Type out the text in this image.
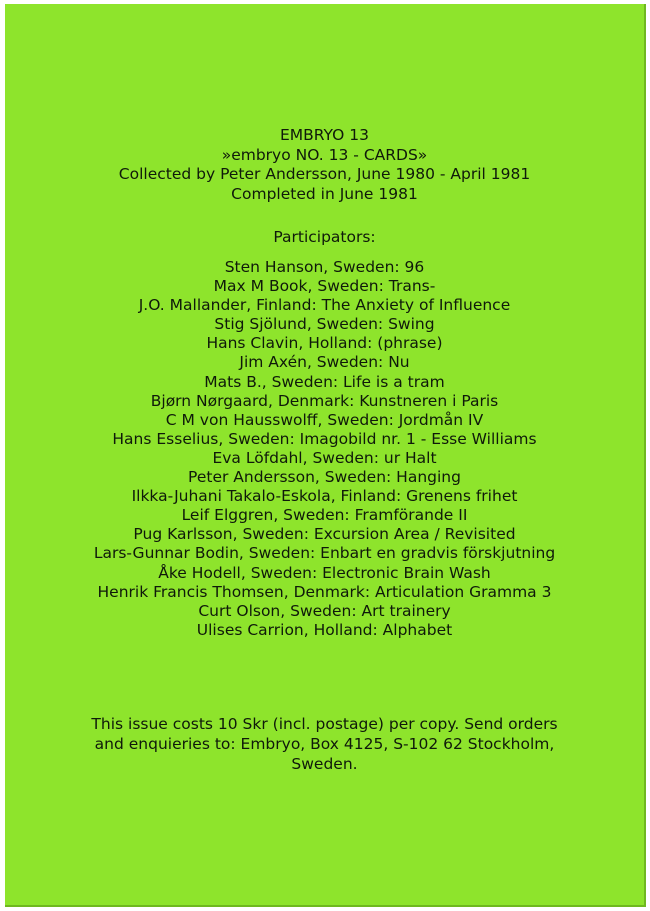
EMBRYO 13
»embryo NO. 13 - CARDS»
Collected by Peter Andersson, June 1980 - April 1981
Completed in June 1981
Participators:
Sten Hanson, Sweden: 96
Max M Book, Sweden: Trans-
J.O. Mallander, Finland: The Anxiety of Influence
Stig Sjölund, Sweden: Swing
Hans Clavin, Holland: (phrase)
Jim Axén, Sweden: Nu
Mats B., Sweden: Life is a tram
Bjørn Nørgaard, Denmark: Kunstneren i Paris
C M von Hausswolff, Sweden: Jordmån IV
Hans Esselius, Sweden: Imagobild nr. 1 - Esse Williams
Eva Löfdahl, Sweden: ur Halt
Peter Andersson, Sweden: Hanging
Ilkka-Juhani Takalo-Eskola, Finland: Grenens frihet
Leif Elggren, Sweden: Framförande II
Pug Karlsson, Sweden: Excursion Area / Revisited
Lars-Gunnar Bodin, Sweden: Enbart en gradvis förskjutning
Åke Hodell, Sweden: Electronic Brain Wash
Henrik Francis Thomsen, Denmark: Articulation Gramma 3
Curt Olson, Sweden: Art trainery
Ulises Carrion, Holland: Alphabet
This issue costs 10 Skr (incl. postage) per copy. Send orders
and enquieries to: Embryo, Box 4125, S-102 62 Stockholm,
Sweden.
